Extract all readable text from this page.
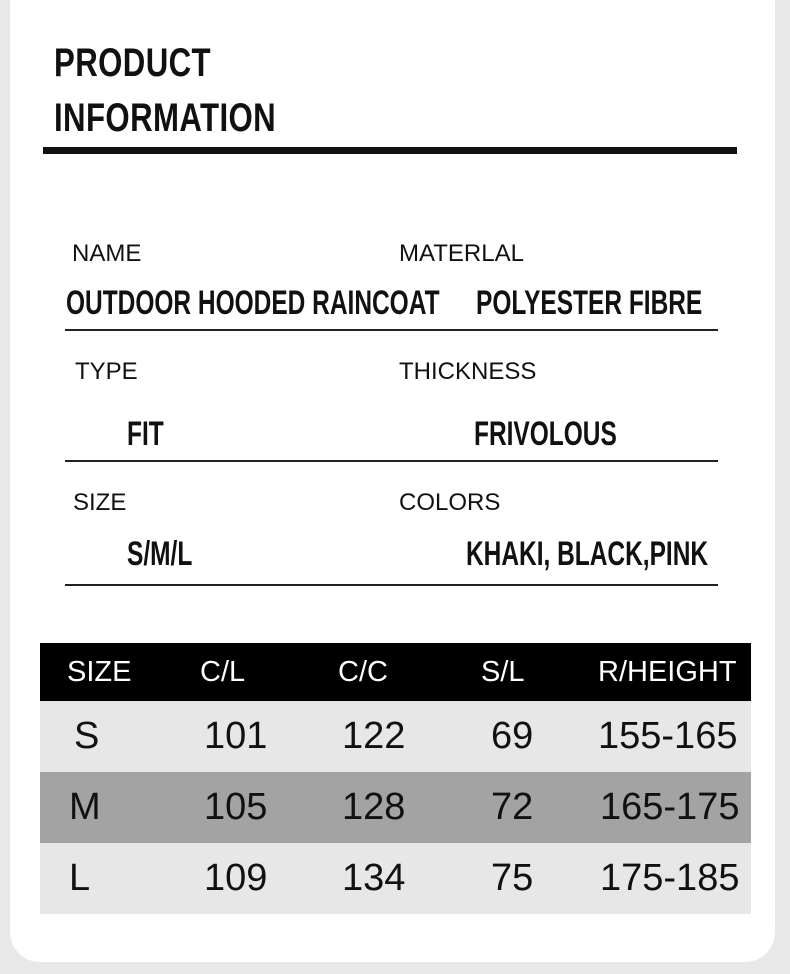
PRODUCT
INFORMATION
NAME
OUTDOOR HOODED RAINCOAT
MATERLAL
POLYESTER FIBRE
TYPE
FIT
THICKNESS
FRIVOLOUS
SIZE
S/M/L
COLORS
KHAKI, BLACK,PINK
SIZE C/L	C/C	S/L	R/HEIGHT
S	101 122 69 155-165
M	105 128 72 165-175
L	109 134 75 175-185
